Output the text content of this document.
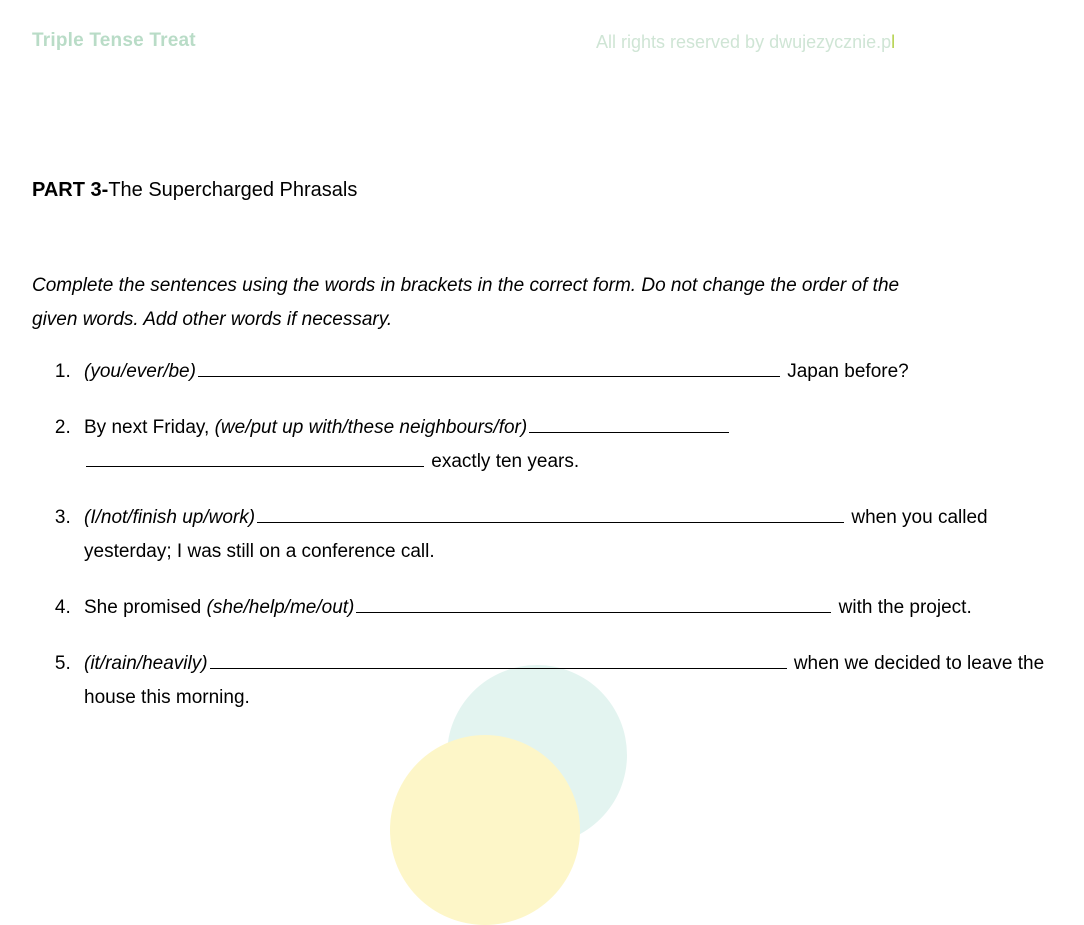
Triple Tense Treat	All rights reserved by dwujezycznie.pl
PART 3-The Supercharged Phrasals
Complete the sentences using the words in brackets in the correct form. Do not change the order of the given words. Add other words if necessary.
1. (you/ever/be)	Japan before?
2. By next Friday, (we/put up with/these neighbours/for) exactly ten years.
3. (I/not/finish up/work)	when you called yesterday; I was still on a conference call.
4. She promised (she/help/me/out)	with the project.
5. (it/rain/heavily)	when we decided to leave the house this morning.
